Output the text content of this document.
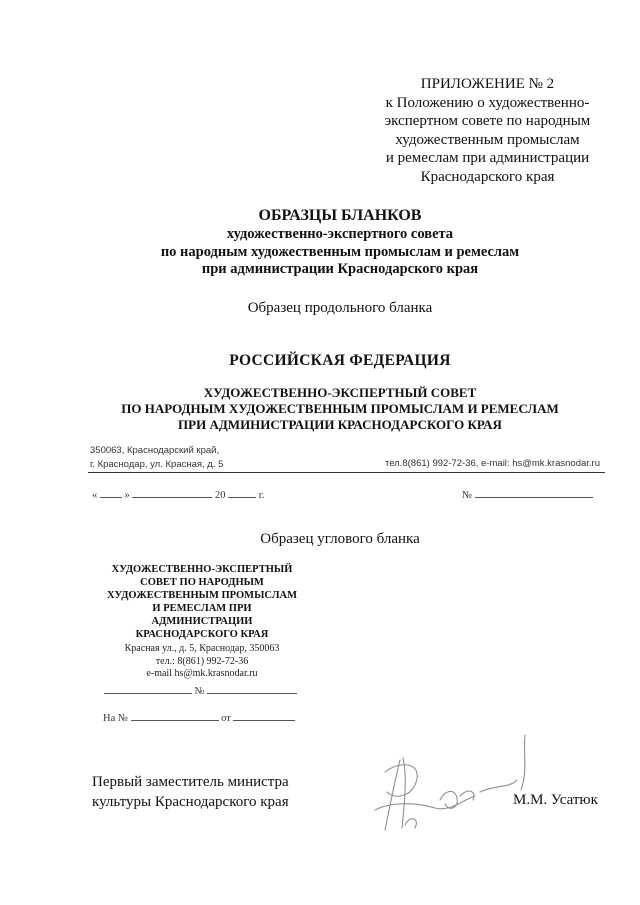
ПРИЛОЖЕНИЕ № 2
к Положению о художественно-
экспертном совете по народным
художественным промыслам
и ремеслам при администрации
Краснодарского края
ОБРАЗЦЫ БЛАНКОВ
художественно-экспертного совета
по народным художественным промыслам и ремеслам
при администрации Краснодарского края
Образец продольного бланка
РОССИЙСКАЯ ФЕДЕРАЦИЯ
ХУДОЖЕСТВЕННО-ЭКСПЕРТНЫЙ СОВЕТ
ПО НАРОДНЫМ ХУДОЖЕСТВЕННЫМ ПРОМЫСЛАМ И РЕМЕСЛАМ
ПРИ АДМИНИСТРАЦИИ КРАСНОДАРСКОГО КРАЯ
350063, Краснодарский край,
г. Краснодар, ул. Красная, д. 5	тел.8(861) 992-72-36, e-mail: hs@mk.krasnodar.ru
«	»	20	г.	№
Образец углового бланка
ХУДОЖЕСТВЕННО-ЭКСПЕРТНЫЙ
СОВЕТ ПО НАРОДНЫМ
ХУДОЖЕСТВЕННЫМ ПРОМЫСЛАМ
И РЕМЕСЛАМ ПРИ
АДМИНИСТРАЦИИ
КРАСНОДАРСКОГО КРАЯ
Красная ул., д. 5, Краснодар, 350063
тел.: 8(861) 992-72-36
e-mail hs@mk.krasnodar.ru
№
На №	от
Первый заместитель министра
культуры Краснодарского края	М.М. Усатюк
